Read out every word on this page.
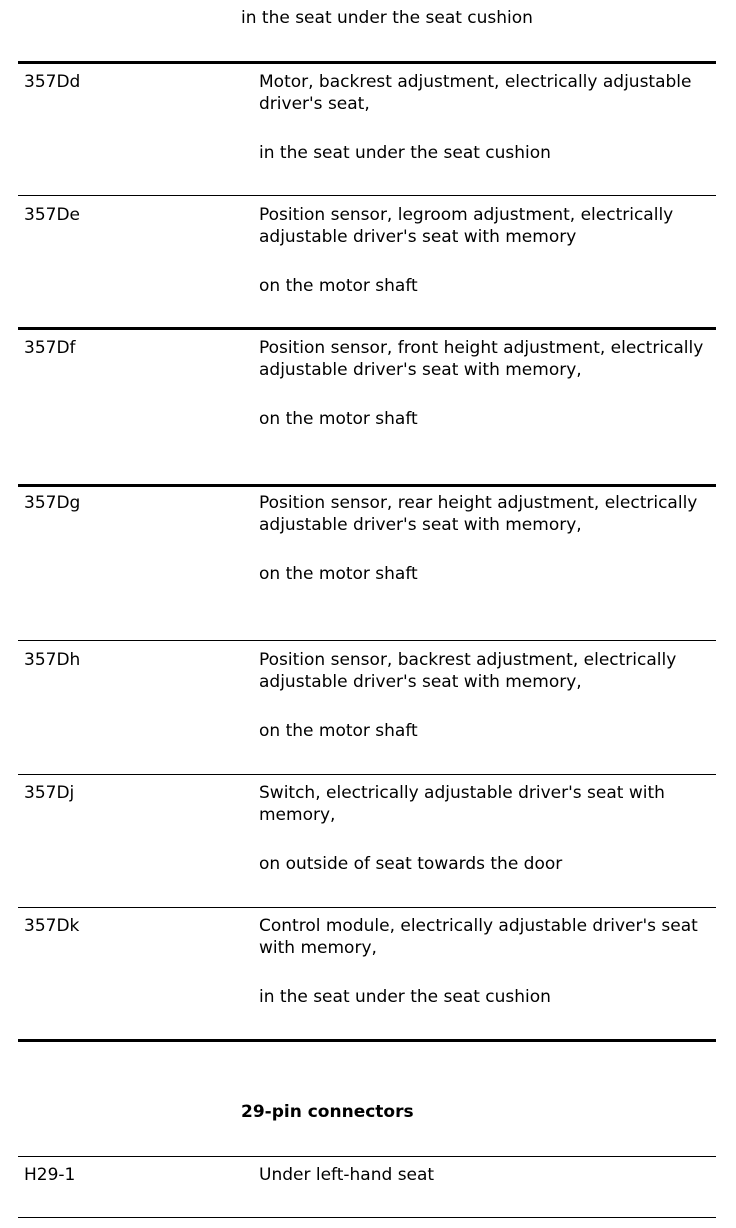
in the seat under the seat cushion

357Dd	Motor, backrest adjustment, electrically adjustable driver's seat,

in the seat under the seat cushion

357De	Position sensor, legroom adjustment, electrically adjustable driver's seat with memory

on the motor shaft

357Df	Position sensor, front height adjustment, electrically adjustable driver's seat with memory,

on the motor shaft

357Dg	Position sensor, rear height adjustment, electrically adjustable driver's seat with memory,

on the motor shaft

357Dh	Position sensor, backrest adjustment, electrically adjustable driver's seat with memory,

on the motor shaft

357Dj	Switch, electrically adjustable driver's seat with memory,

on outside of seat towards the door

357Dk	Control module, electrically adjustable driver's seat with memory,

in the seat under the seat cushion

29-pin connectors
H29-1	Under left-hand seat
